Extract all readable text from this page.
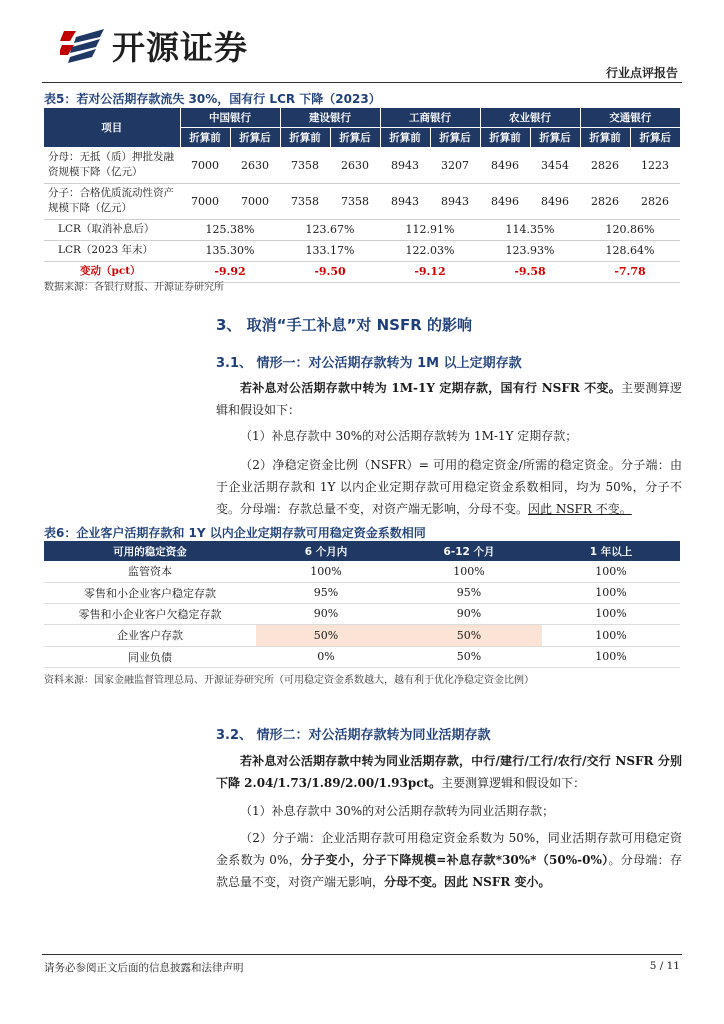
开源证券
行业点评报告
表5：若对公活期存款流失 30%，国有行 LCR 下降（2023）
项目	中国银行		建设银行		工商银行		农业银行		交通银行	
	折算前	折算后	折算前	折算后	折算前	折算后	折算前	折算后	折算前	折算后
分母：无抵（质）押批发融资规模下降（亿元）	7000	2630	7358	2630	8943	3207	8496	3454	2826	1223
分子：合格优质流动性资产规模下降（亿元）	7000	7000	7358	7358	8943	8943	8496	8496	2826	2826
LCR（取消补息后）	125.38%		123.67%		112.91%		114.35%		120.86%	
LCR（2023 年末）	135.30%		133.17%		122.03%		123.93%		128.64%	
变动（pct）	-9.92		-9.50		-9.12		-9.58		-7.78	
数据来源：各银行财报、开源证券研究所
3、 取消“手工补息”对 NSFR 的影响
3.1、 情形一：对公活期存款转为 1M 以上定期存款
若补息对公活期存款中转为 1M-1Y 定期存款，国有行 NSFR 不变。主要测算逻辑和假设如下：
（1）补息存款中 30%的对公活期存款转为 1M-1Y 定期存款；
（2）净稳定资金比例（NSFR）= 可用的稳定资金/所需的稳定资金。分子端：由于企业活期存款和 1Y 以内企业定期存款可用稳定资金系数相同，均为 50%，分子不变。分母端：存款总量不变，对资产端无影响，分母不变。因此 NSFR 不变。
表6：企业客户活期存款和 1Y 以内企业定期存款可用稳定资金系数相同
可用的稳定资金	6 个月内	6-12 个月	1 年以上
监管资本	100%	100%	100%
零售和小企业客户稳定存款	95%	95%	100%
零售和小企业客户欠稳定存款	90%	90%	100%
企业客户存款	50%	50%	100%
同业负债	0%	50%	100%
资料来源：国家金融监督管理总局、开源证券研究所（可用稳定资金系数越大，越有利于优化净稳定资金比例）
3.2、 情形二：对公活期存款转为同业活期存款
若补息对公活期存款中转为同业活期存款，中行/建行/工行/农行/交行 NSFR 分别下降 2.04/1.73/1.89/2.00/1.93pct。主要测算逻辑和假设如下：
（1）补息存款中 30%的对公活期存款转为同业活期存款；
（2）分子端：企业活期存款可用稳定资金系数为 50%，同业活期存款可用稳定资金系数为 0%，分子变小，分子下降规模=补息存款*30%*（50%-0%）。分母端：存款总量不变，对资产端无影响，分母不变。因此 NSFR 变小。
请务必参阅正文后面的信息披露和法律声明	5 / 11
